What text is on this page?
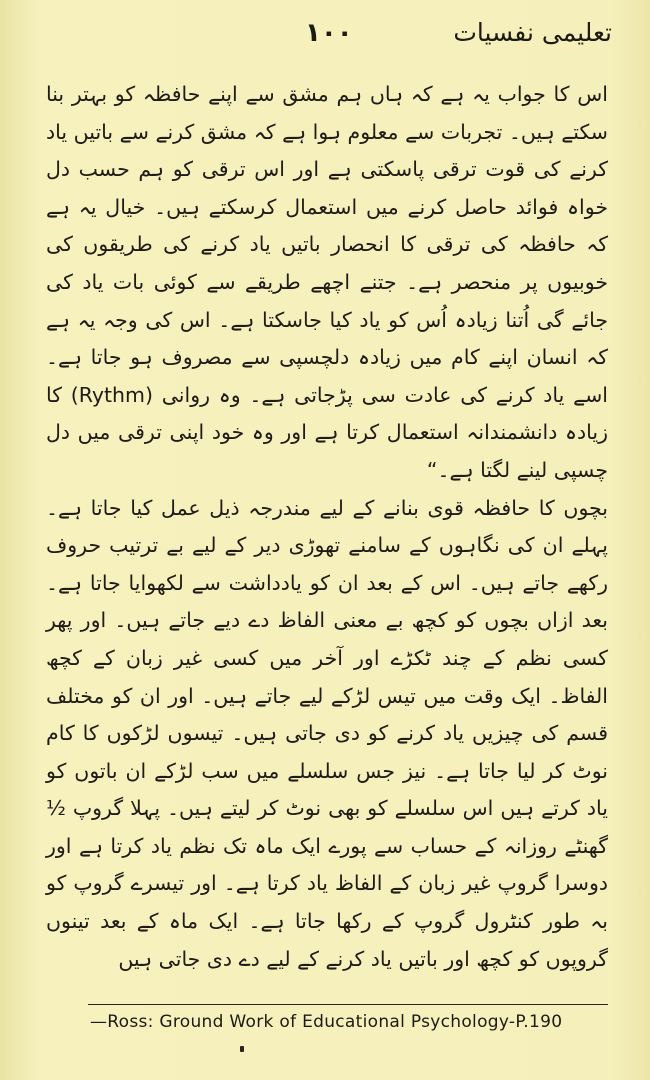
تعلیمی نفسیات
۱۰۰

اس کا جواب یہ ہے کہ ہاں ہم مشق سے اپنے حافظہ کو بہتر بنا سکتے ہیں۔ تجربات سے معلوم ہوا ہے کہ مشق کرنے سے باتیں یاد کرنے کی قوت ترقی پاسکتی ہے اور اس ترقی کو ہم حسب دل خواہ فوائد حاصل کرنے میں استعمال کرسکتے ہیں۔ خیال یہ ہے کہ حافظہ کی ترقی کا انحصار باتیں یاد کرنے کی طریقوں کی خوبیوں پر منحصر ہے۔ جتنے اچھے طریقے سے کوئی بات یاد کی جائے گی اُتنا زیادہ اُس کو یاد کیا جاسکتا ہے۔ اس کی وجہ یہ ہے کہ انسان اپنے کام میں زیادہ دلچسپی سے مصروف ہو جاتا ہے۔ اسے یاد کرنے کی عادت سی پڑجاتی ہے۔ وہ روانی (Rythm) کا زیادہ دانشمندانہ استعمال کرتا ہے اور وہ خود اپنی ترقی میں دل چسپی لینے لگتا ہے۔“

بچوں کا حافظہ قوی بنانے کے لیے مندرجہ ذیل عمل کیا جاتا ہے۔ پہلے ان کی نگاہوں کے سامنے تھوڑی دیر کے لیے بے ترتیب حروف رکھے جاتے ہیں۔ اس کے بعد ان کو یادداشت سے لکھوایا جاتا ہے۔ بعد ازاں بچوں کو کچھ بے معنی الفاظ دے دیے جاتے ہیں۔ اور پھر کسی نظم کے چند ٹکڑے اور آخر میں کسی غیر زبان کے کچھ الفاظ۔ ایک وقت میں تیس لڑکے لیے جاتے ہیں۔ اور ان کو مختلف قسم کی چیزیں یاد کرنے کو دی جاتی ہیں۔ تیسوں لڑکوں کا کام نوٹ کر لیا جاتا ہے۔ نیز جس سلسلے میں سب لڑکے ان باتوں کو یاد کرتے ہیں اس سلسلے کو بھی نوٹ کر لیتے ہیں۔ پہلا گروپ ½ گھنٹے روزانہ کے حساب سے پورے ایک ماہ تک نظم یاد کرتا ہے اور دوسرا گروپ غیر زبان کے الفاظ یاد کرتا ہے۔ اور تیسرے گروپ کو بہ طور کنٹرول گروپ کے رکھا جاتا ہے۔ ایک ماہ کے بعد تینوں گروپوں کو کچھ اور باتیں یاد کرنے کے لیے دے دی جاتی ہیں

—Ross: Ground Work of Educational Psychology-P.190
